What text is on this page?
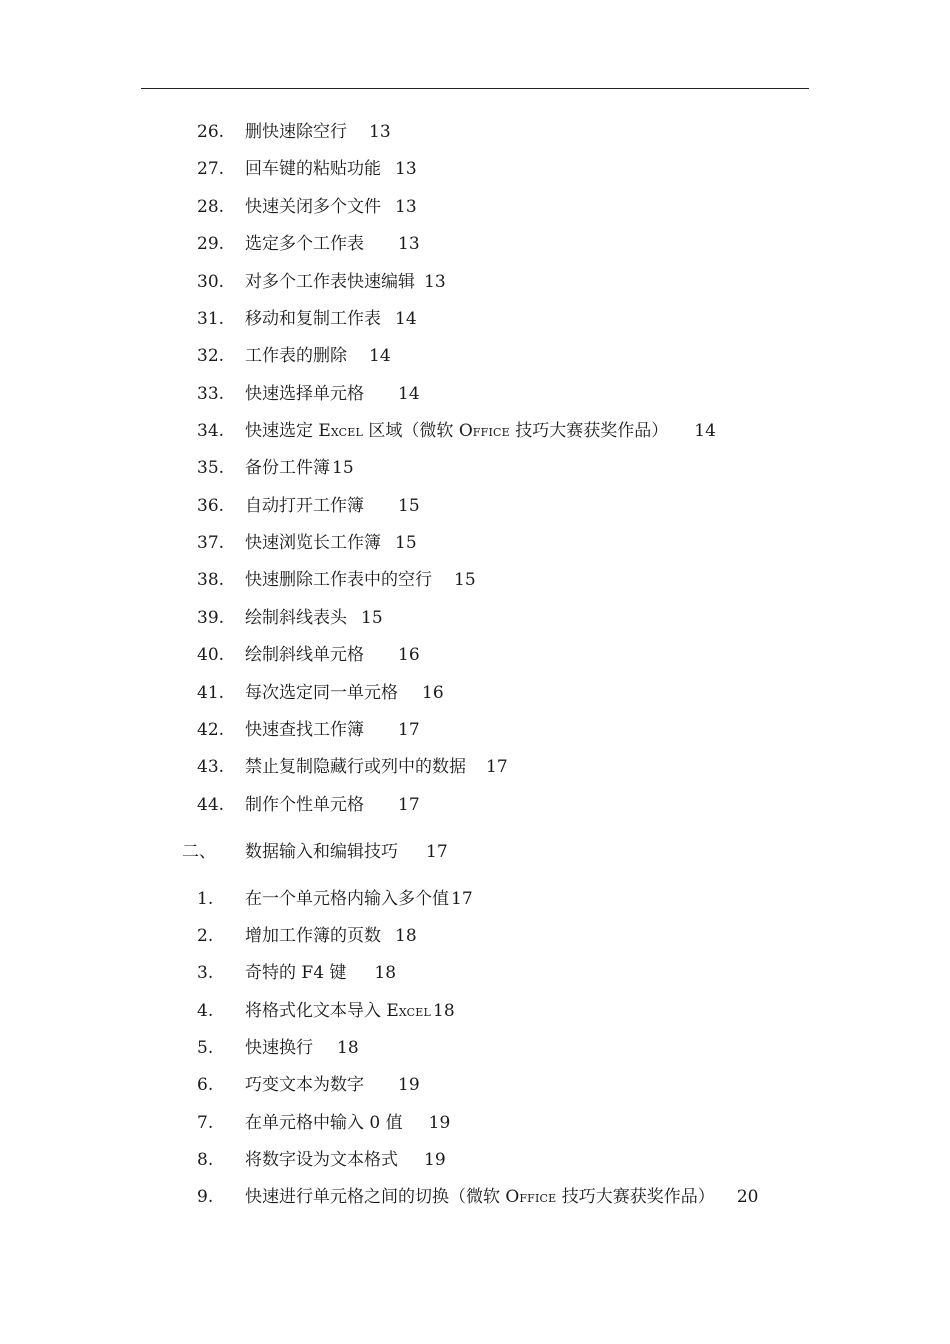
26.	删快速除空行 13
27.	回车键的粘贴功能 13
28.	快速关闭多个文件 13
29.	选定多个工作表 13
30.	对多个工作表快速编辑 13
31.	移动和复制工作表 14
32.	工作表的删除 14
33.	快速选择单元格 14
34.	快速选定 EXCEL 区域（微软 OFFICE 技巧大赛获奖作品） 14
35.	备份工件簿 15
36.	自动打开工作簿 15
37.	快速浏览长工作簿 15
38.	快速删除工作表中的空行 15
39.	绘制斜线表头 15
40.	绘制斜线单元格 16
41.	每次选定同一单元格 16
42.	快速查找工作簿 17
43.	禁止复制隐藏行或列中的数据 17
44.	制作个性单元格 17
二、	数据输入和编辑技巧 17
1.	在一个单元格内输入多个值 17
2.	增加工作簿的页数 18
3.	奇特的 F4 键 18
4.	将格式化文本导入 EXCEL 18
5.	快速换行 18
6.	巧变文本为数字 19
7.	在单元格中输入 0 值 19
8.	将数字设为文本格式 19
9.	快速进行单元格之间的切换（微软 OFFICE 技巧大赛获奖作品） 20
